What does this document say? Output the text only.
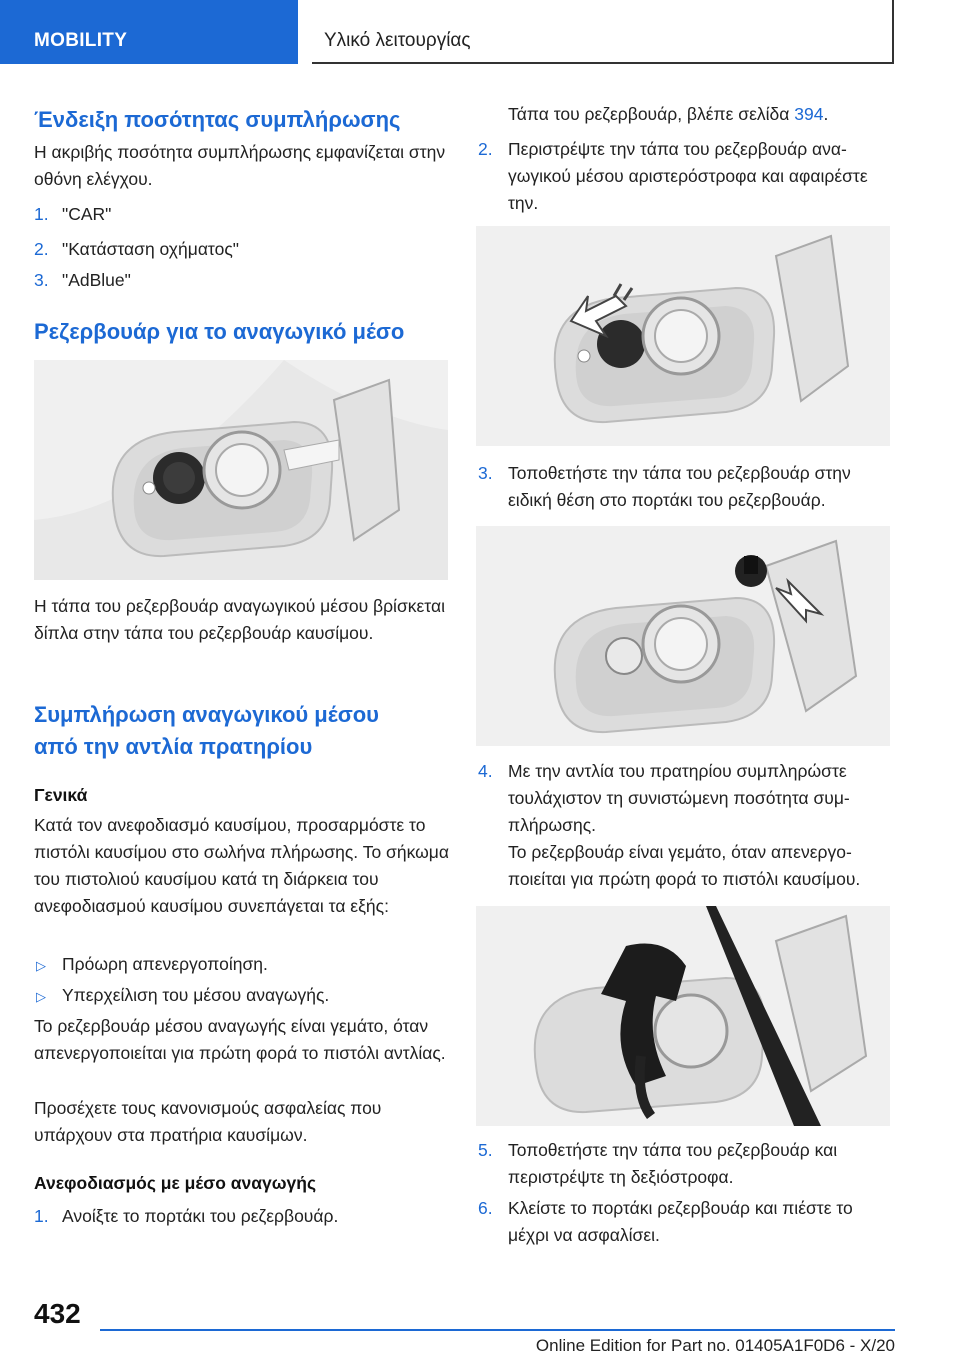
MOBILITY	Υλικό λειτουργίας
Ένδειξη ποσότητας συμπλήρωσης

Η ακριβής ποσότητα συμπλήρωσης εμφανίζεται στην οθόνη ελέγχου.

1. "CAR"
2. "Κατάσταση οχήματος"
3. "AdBlue"
Ρεζερβουάρ για το αναγωγικό μέσο

Η τάπα του ρεζερβουάρ αναγωγικού μέσου βρίσκεται δίπλα στην τάπα του ρεζερβουάρ καυσίμου.

Συμπλήρωση αναγωγικού μέσου
από την αντλία πρατηρίου

Γενικά

Κατά τον ανεφοδιασμό καυσίμου, προσαρμόστε το πιστόλι καυσίμου στο σωλήνα πλήρωσης. Το σήκωμα του πιστολιού καυσίμου κατά τη διάρκεια του ανεφοδιασμού καυσίμου συνεπάγεται τα εξής:

▷ Πρόωρη απενεργοποίηση.
▷ Υπερχείλιση του μέσου αναγωγής.

Το ρεζερβουάρ μέσου αναγωγής είναι γεμάτο, όταν απενεργοποιείται για πρώτη φορά το πιστόλι αντλίας.

Προσέχετε τους κανονισμούς ασφαλείας που υπάρχουν στα πρατήρια καυσίμων.

Ανεφοδιασμός με μέσο αναγωγής

1. Ανοίξτε το πορτάκι του ρεζερβουάρ.

Τάπα του ρεζερβουάρ, βλέπε σελίδα 394.

2. Περιστρέψτε την τάπα του ρεζερβουάρ αναγωγικού μέσου αριστερόστροφα και αφαιρέστε την.

3. Τοποθετήστε την τάπα του ρεζερβουάρ στην ειδική θέση στο πορτάκι του ρεζερβουάρ.

4. Με την αντλία του πρατηρίου συμπληρώστε τουλάχιστον τη συνιστώμενη ποσότητα συμπλήρωσης.

Το ρεζερβουάρ είναι γεμάτο, όταν απενεργοποιείται για πρώτη φορά το πιστόλι καυσίμου.

5. Τοποθετήστε την τάπα του ρεζερβουάρ και περιστρέψτε τη δεξιόστροφα.

6. Κλείστε το πορτάκι ρεζερβουάρ και πιέστε το μέχρι να ασφαλίσει.

432
Online Edition for Part no. 01405A1F0D6 - X/20
